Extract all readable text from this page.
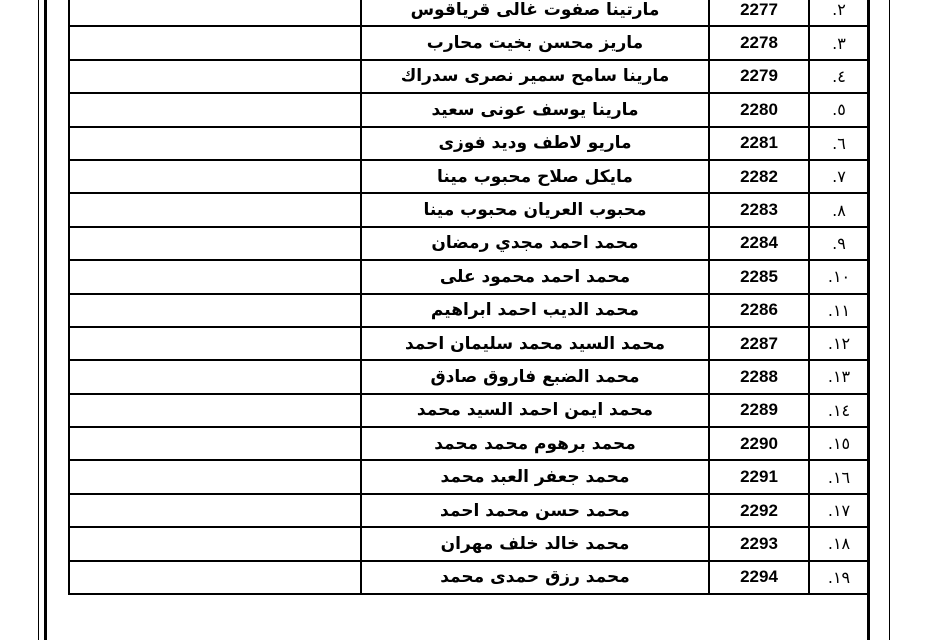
	مارتينا صفوت غالى قرياقوس	2277	٢.
	ماريز محسن بخيت محارب	2278	٣.
	مارينا سامح سمير نصرى سدراك	2279	٤.
	مارينا يوسف عونى سعيد	2280	٥.
	ماريو لاطف وديد فوزى	2281	٦.
	مايكل صلاح محبوب مينا	2282	٧.
	محبوب العريان محبوب مينا	2283	٨.
	محمد احمد مجدي رمضان	2284	٩.
	محمد احمد محمود على	2285	١٠.
	محمد الديب احمد ابراهيم	2286	١١.
	محمد السيد محمد سليمان احمد	2287	١٢.
	محمد الضبع فاروق صادق	2288	١٣.
	محمد ايمن احمد السيد محمد	2289	١٤.
	محمد برهوم محمد محمد	2290	١٥.
	محمد جعفر العبد محمد	2291	١٦.
	محمد حسن محمد احمد	2292	١٧.
	محمد خالد خلف مهران	2293	١٨.
	محمد رزق حمدى محمد	2294	١٩.
